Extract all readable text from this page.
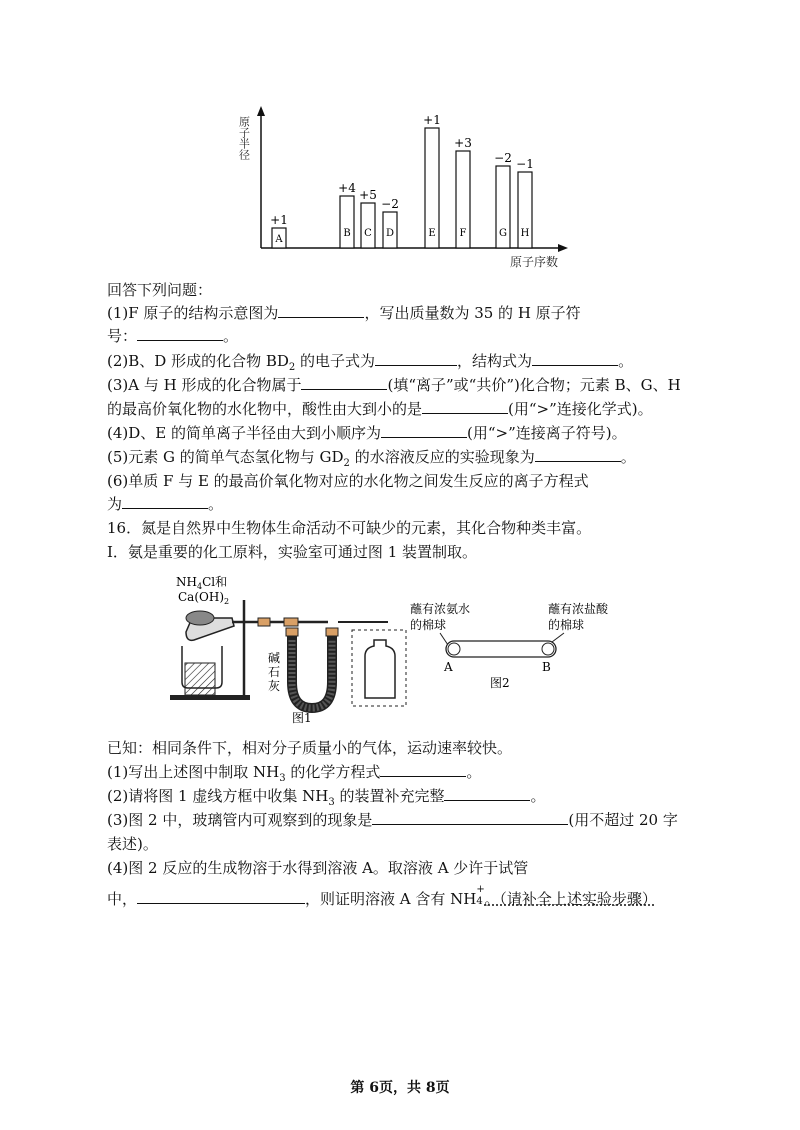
原子半径
原子序数
A
+1
B
+4
C
+5
D
−2
E
+1
F
+3
G
−2
H
−1
回答下列问题：
(1)F 原子的结构示意图为	，写出质量数为 35 的 H 原子符
号：	。
(2)B、D 形成的化合物 $BD_2$ 的电子式为	，结构式为	。
(3)A 与 H 形成的化合物属于	(填“离子”或“共价”)化合物；元素 B、G、H
的最高价氧化物的水化物中，酸性由大到小的是	(用“>”连接化学式)。
(4)D、E 的简单离子半径由大到小顺序为	(用“>”连接离子符号)。
(5)元素 G 的简单气态氢化物与 $GD_2$ 的水溶液反应的实验现象为	。
(6)单质 F 与 E 的最高价氧化物对应的水化物之间发生反应的离子方程式
为	。
16．氮是自然界中生物体生命活动不可缺少的元素，其化合物种类丰富。
I．氨是重要的化工原料，实验室可通过图 1 装置制取。
$NH_4Cl$和
$Ca(OH)_2$
碱
石
灰
图1
蘸有浓氨水
的棉球
蘸有浓盐酸
的棉球
A	B
图2
已知：相同条件下，相对分子质量小的气体，运动速率较快。
(1)写出上述图中制取 $NH_3$ 的化学方程式	。
(2)请将图 1 虚线方框中收集 $NH_3$ 的装置补充完整	。
(3)图 2 中，玻璃管内可观察到的现象是	(用不超过 20 字
表述)。
(4)图 2 反应的生成物溶于水得到溶液 A。取溶液 A 少许于试管
中，	，则证明溶液 A 含有 NH
+
4 。（请补全上述实验步骤）
第 6页，共 8页
